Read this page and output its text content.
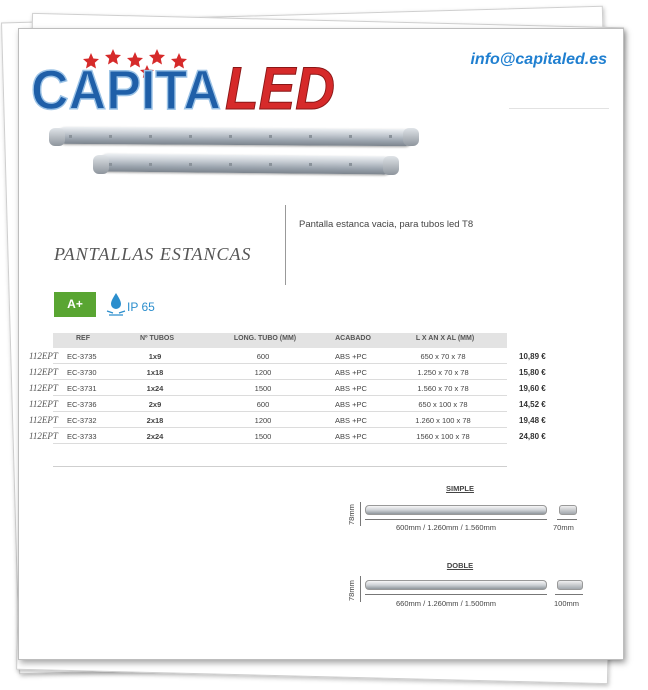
CAPITA LED	info@capitaled.es
Pantalla estanca vacia, para tubos led T8
PANTALLAS ESTANCAS
A+	IP 65
REF	Nº TUBOS	LONG. TUBO (MM)	ACABADO	L X AN X AL (MM)
112EPT EC-3735	1x9	600	ABS +PC	650 x 70 x 78	10,89 €
112EPT EC-3730	1x18	1200	ABS +PC	1.250 x 70 x 78	15,80 €
112EPT EC-3731	1x24	1500	ABS +PC	1.560 x 70 x 78	19,60 €
112EPT EC-3736	2x9	600	ABS +PC	650 x 100 x 78	14,52 €
112EPT EC-3732	2x18	1200	ABS +PC	1.260 x 100 x 78	19,48 €
112EPT EC-3733	2x24	1500	ABS +PC	1560 x 100 x 78	24,80 €
SIMPLE
78mm
600mm / 1.260mm / 1.560mm	70mm
DOBLE
78mm
660mm / 1.260mm / 1.500mm	100mm
